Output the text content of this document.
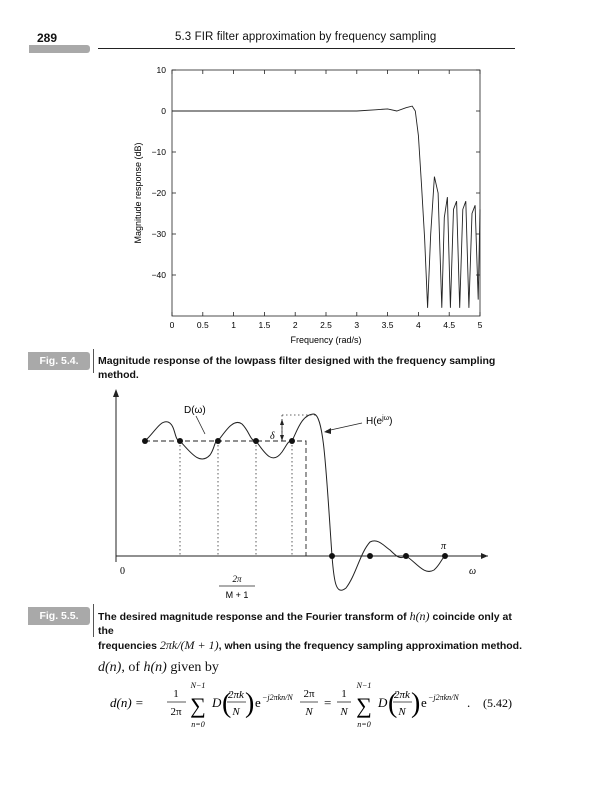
289	5.3 FIR filter approximation by frequency sampling
10
0
−10
−20
−30
−40
0	0.5	1	1.5	2	2.5	3	3.5	4	4.5	5
Magnitude response (dB)
Frequency (rad/s)
D(ω)
$H(e^{j\omega})$
δ
π
0	ω
2π
M + 1
d(n) =
1
2π
N−1
∑
n=0
D (
2πk
N ) e −j2πkn/N 2π
N
=
1
N
N−1
∑
n=0
D (
2πk
N ) e −j2πkn/N . (5.42)
Fig. 5.4.	Magnitude response of the lowpass filter designed with the frequency sampling method.
Fig. 5.5.	The desired magnitude response and the Fourier transform of h(n) coincide only at the
frequencies 2πk/(M + 1), when using the frequency sampling approximation method.
d(n), of h(n) given by
